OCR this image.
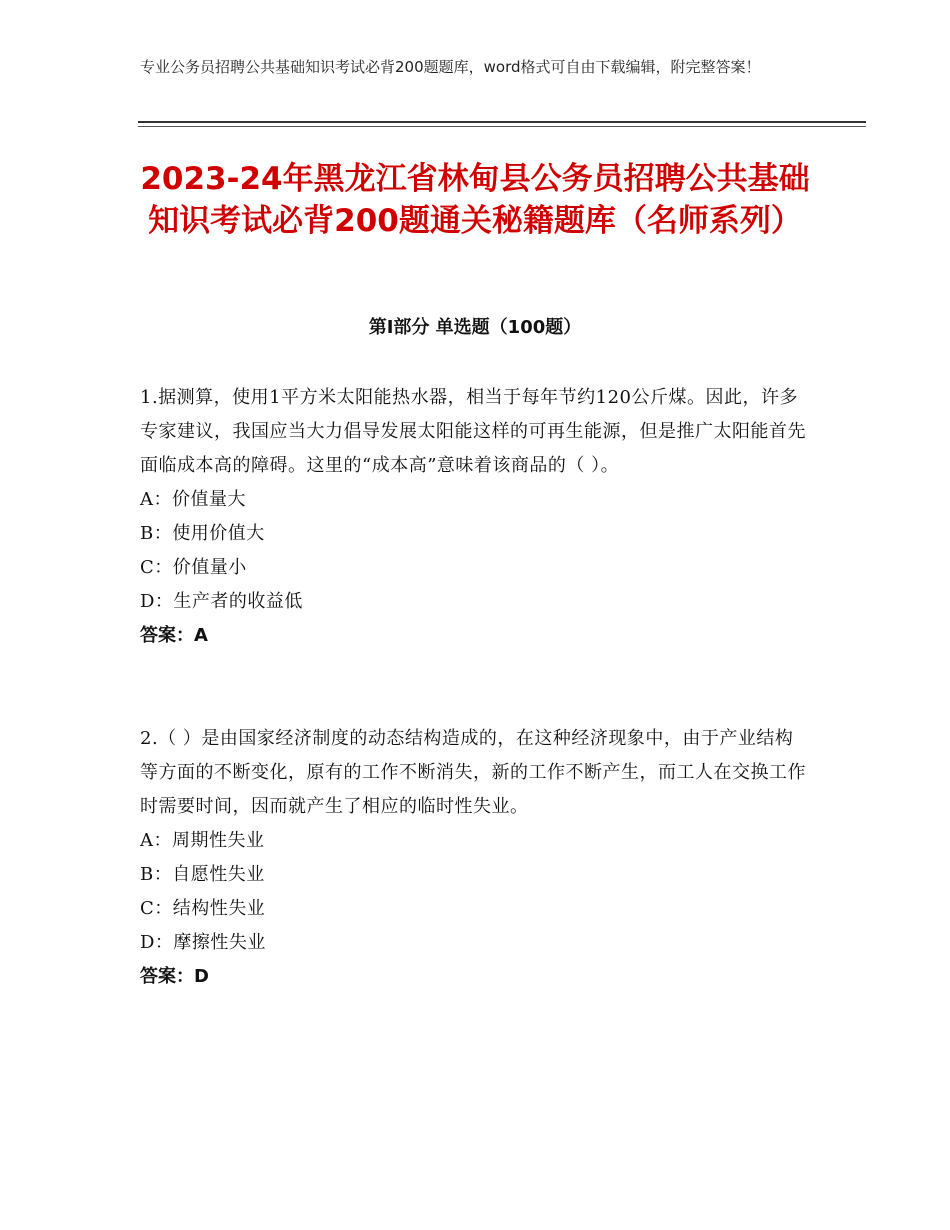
专业公务员招聘公共基础知识考试必背200题题库，word格式可自由下载编辑，附完整答案！
2023-24年黑龙江省林甸县公务员招聘公共基础知识考试必背200题通关秘籍题库（名师系列）
第Ⅰ部分 单选题（100题）

1.据测算，使用1平方米太阳能热水器，相当于每年节约120公斤煤。因此，许多专家建议，我国应当大力倡导发展太阳能这样的可再生能源，但是推广太阳能首先面临成本高的障碍。这里的“成本高”意味着该商品的（ ）。

A：价值量大

B：使用价值大

C：价值量小

D：生产者的收益低

答案：A

2.（ ）是由国家经济制度的动态结构造成的，在这种经济现象中，由于产业结构等方面的不断变化，原有的工作不断消失，新的工作不断产生，而工人在交换工作时需要时间，因而就产生了相应的临时性失业。

A：周期性失业

B：自愿性失业

C：结构性失业

D：摩擦性失业

答案：D
